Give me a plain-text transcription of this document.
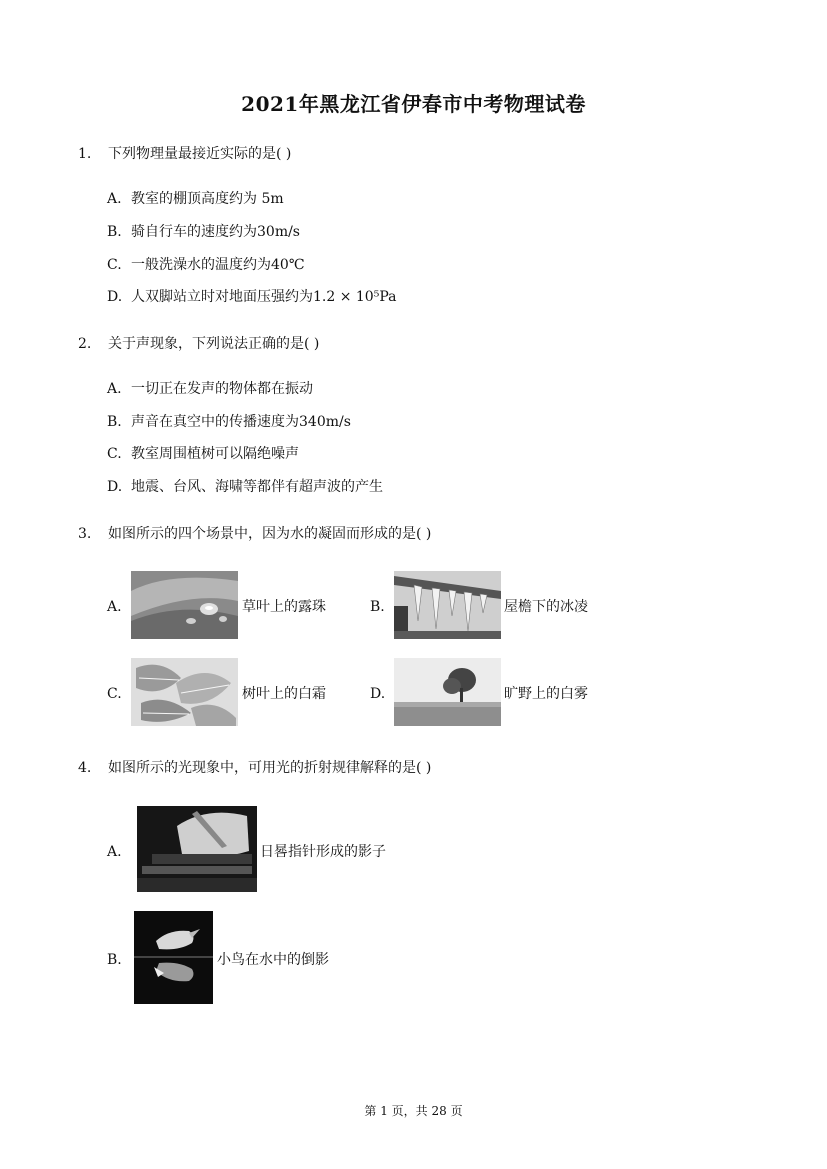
2021年黑龙江省伊春市中考物理试卷
1.	下列物理量最接近实际的是( )
A. 教室的棚顶高度约为 5m
B. 骑自行车的速度约为30m/s
C. 一般洗澡水的温度约为40℃
D. 人双脚站立时对地面压强约为1.2 × 10⁵Pa
2.	关于声现象，下列说法正确的是( )
A. 一切正在发声的物体都在振动
B. 声音在真空中的传播速度为340m/s
C. 教室周围植树可以隔绝噪声
D. 地震、台风、海啸等都伴有超声波的产生
3.	如图所示的四个场景中，因为水的凝固而形成的是( )
A.	草叶上的露珠	B.	屋檐下的冰凌
C.	树叶上的白霜	D.	旷野上的白雾
4.	如图所示的光现象中，可用光的折射规律解释的是( )
A.	日晷指针形成的影子
B.	小鸟在水中的倒影
第 1 页，共 28 页
